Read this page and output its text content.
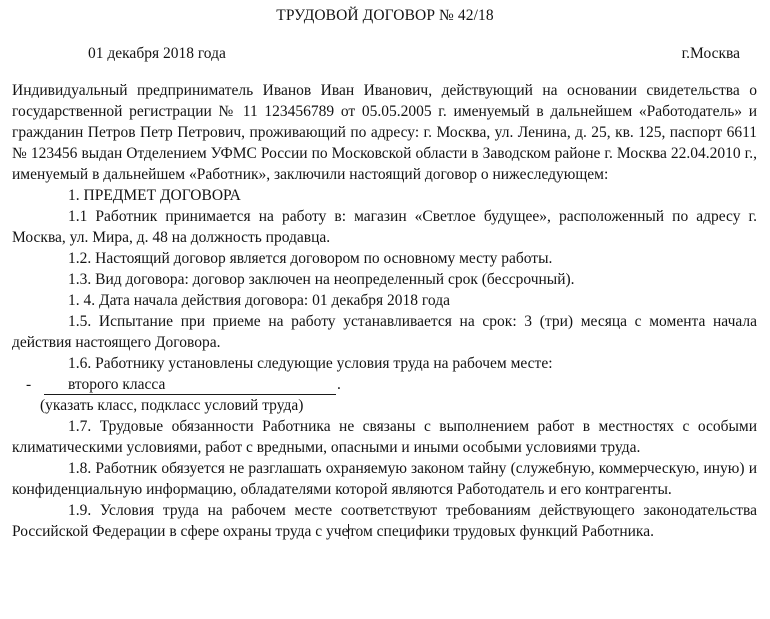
ТРУДОВОЙ ДОГОВОР № 42/18
01 декабря 2018 года	г.Москва

Индивидуальный предприниматель Иванов Иван Иванович, действующий на основании свидетельства о государственной регистрации № 11 123456789 от 05.05.2005 г. именуемый в дальнейшем «Работодатель» и гражданин Петров Петр Петрович, проживающий по адресу: г. Москва, ул. Ленина, д. 25, кв. 125, паспорт 6611 № 123456 выдан Отделением УФМС России по Московской области в Заводском районе г. Москва 22.04.2010 г., именуемый в дальнейшем «Работник», заключили настоящий договор о нижеследующем:

1. ПРЕДМЕТ ДОГОВОРА

1.1 Работник принимается на работу в: магазин «Светлое будущее», расположенный по адресу г. Москва, ул. Мира, д. 48 на должность продавца.

1.2. Настоящий договор является договором по основному месту работы.

1.3. Вид договора: договор заключен на неопределенный срок (бессрочный).

1. 4. Дата начала действия договора: 01 декабря 2018 года

1.5. Испытание при приеме на работу устанавливается на срок: 3 (три) месяца с момента начала действия настоящего Договора.

1.6. Работнику установлены следующие условия труда на рабочем месте:

- второго класса	.

(указать класс, подкласс условий труда)

1.7. Трудовые обязанности Работника не связаны с выполнением работ в местностях с особыми климатическими условиями, работ с вредными, опасными и иными особыми условиями труда.

1.8. Работник обязуется не разглашать охраняемую законом тайну (служебную, коммерческую, иную) и конфиденциальную информацию, обладателями которой являются Работодатель и его контрагенты.

1.9. Условия труда на рабочем месте соответствуют требованиям действующего законодательства Российской Федерации в сфере охраны труда с учетом специфики трудовых функций Работника.
